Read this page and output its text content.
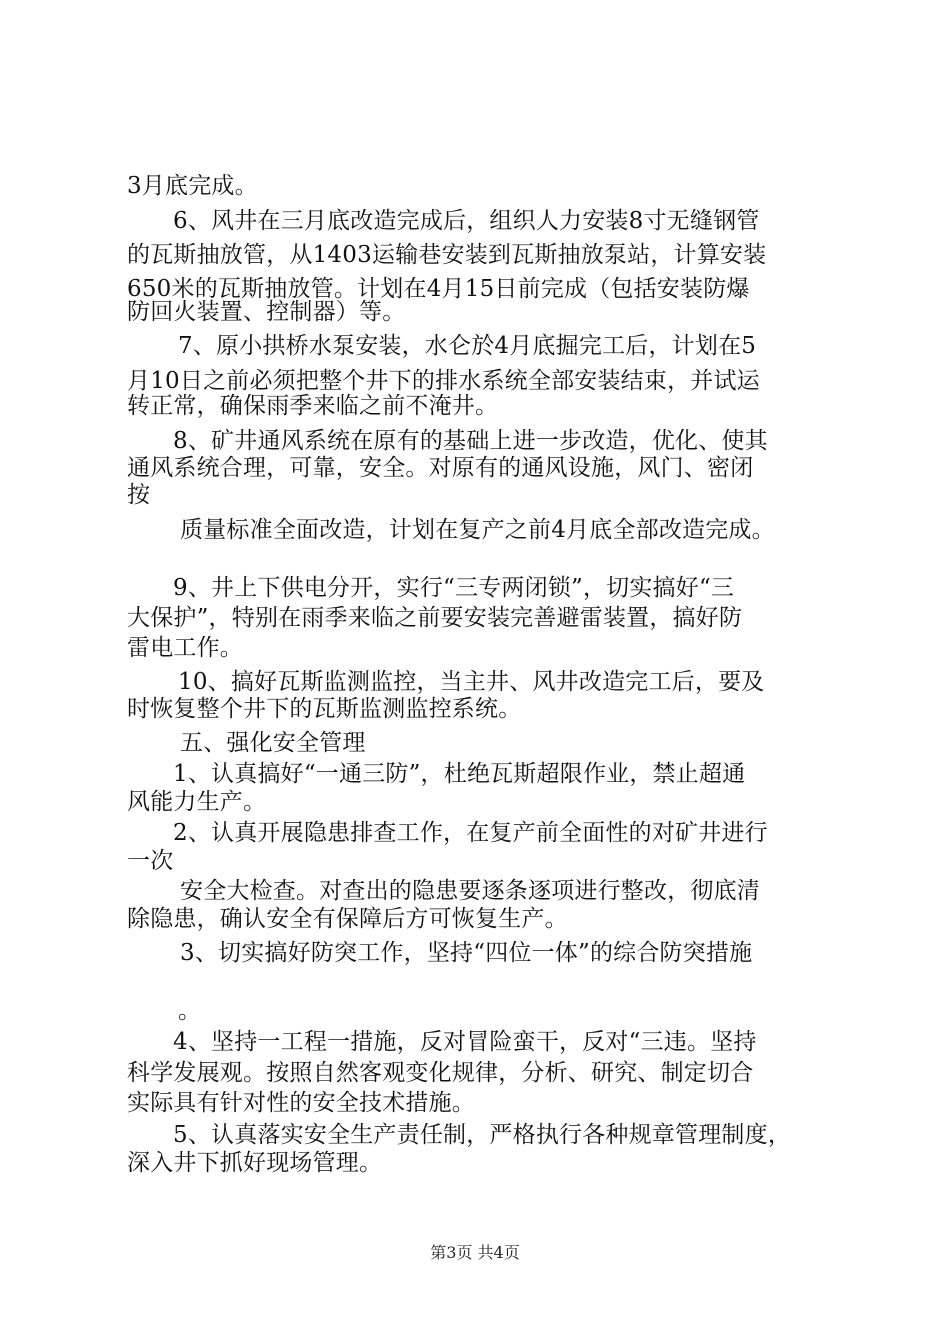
3月底完成。
6、风井在三月底改造完成后，组织人力安装8寸无缝钢管
的瓦斯抽放管，从1403运输巷安装到瓦斯抽放泵站，计算安装
650米的瓦斯抽放管。计划在4月15日前完成（包括安装防爆
防回火装置、控制器）等。
7、原小拱桥水泵安装，水仑於4月底掘完工后，计划在5
月10日之前必须把整个井下的排水系统全部安装结束，并试运
转正常，确保雨季来临之前不淹井。
8、矿井通风系统在原有的基础上进一步改造，优化、使其
通风系统合理，可靠，安全。对原有的通风设施，风门、密闭
按
质量标准全面改造，计划在复产之前4月底全部改造完成。
9、井上下供电分开，实行“三专两闭锁”，切实搞好“三
大保护”，特别在雨季来临之前要安装完善避雷装置，搞好防
雷电工作。
10、搞好瓦斯监测监控，当主井、风井改造完工后，要及
时恢复整个井下的瓦斯监测监控系统。
五、强化安全管理
1、认真搞好“一通三防”，杜绝瓦斯超限作业，禁止超通
风能力生产。
2、认真开展隐患排查工作，在复产前全面性的对矿井进行
一次
安全大检查。对查出的隐患要逐条逐项进行整改，彻底清
除隐患，确认安全有保障后方可恢复生产。
3、切实搞好防突工作，坚持“四位一体”的综合防突措施
。
4、坚持一工程一措施，反对冒险蛮干，反对“三违。坚持
科学发展观。按照自然客观变化规律，分析、研究、制定切合
实际具有针对性的安全技术措施。
5、认真落实安全生产责任制，严格执行各种规章管理制度，
深入井下抓好现场管理。
第3页 共4页
